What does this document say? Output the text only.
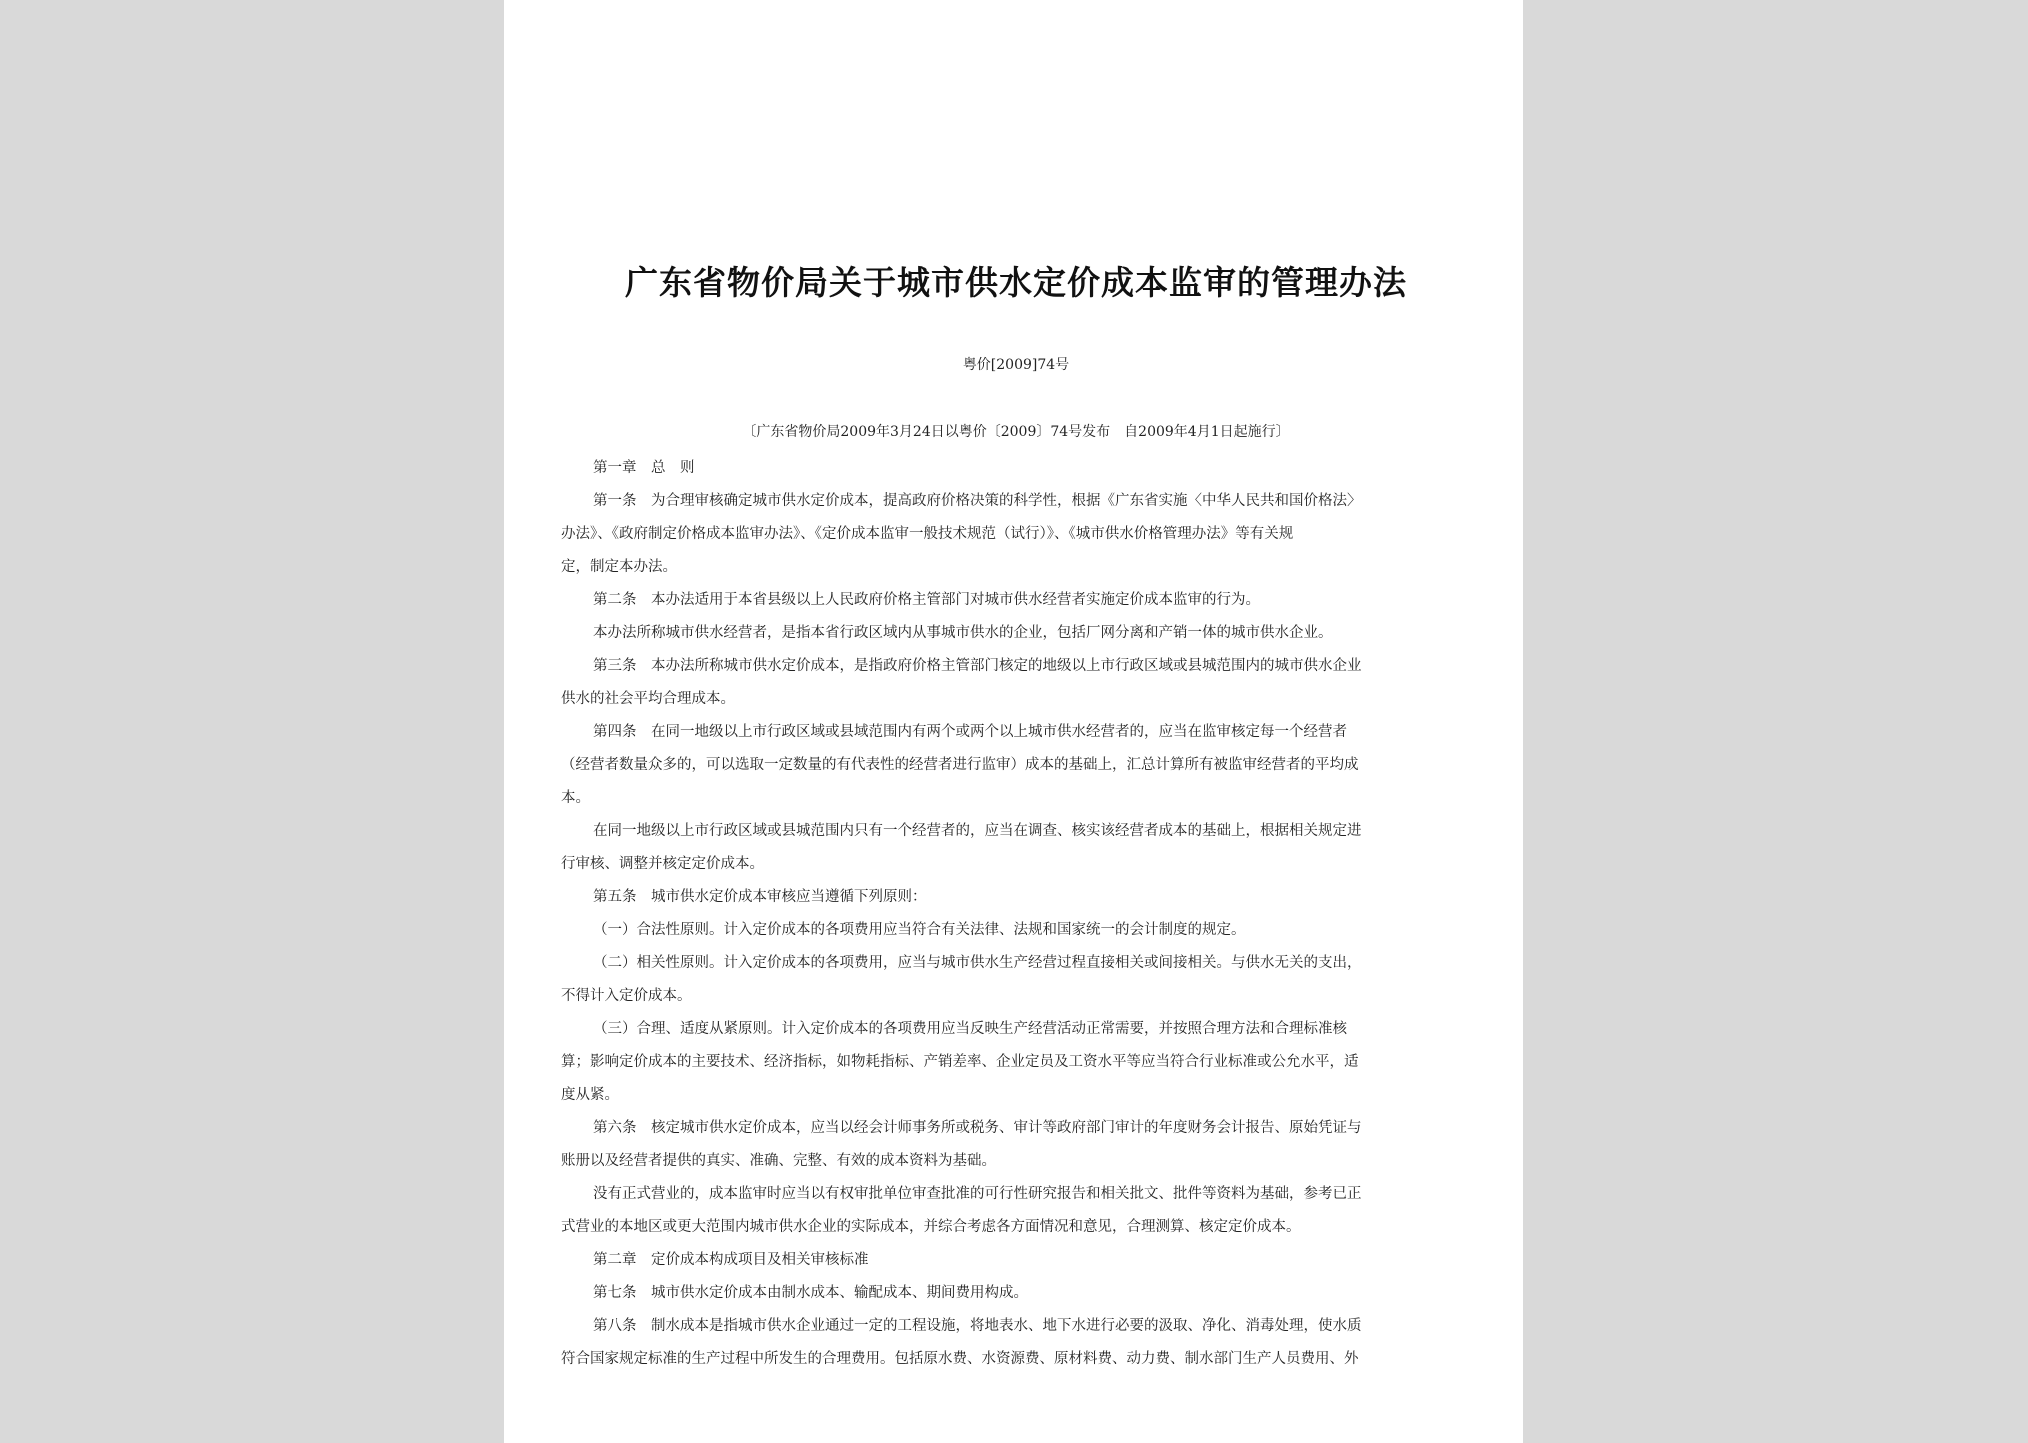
广东省物价局关于城市供水定价成本监审的管理办法
粤价[2009]74号
〔广东省物价局2009年3月24日以粤价〔2009〕74号发布　自2009年4月1日起施行〕
第一章　总　则
第一条　为合理审核确定城市供水定价成本，提高政府价格决策的科学性，根据《广东省实施〈中华人民共和国价格法〉
办法》、《政府制定价格成本监审办法》、《定价成本监审一般技术规范（试行）》、《城市供水价格管理办法》等有关规
定，制定本办法。
第二条　本办法适用于本省县级以上人民政府价格主管部门对城市供水经营者实施定价成本监审的行为。
本办法所称城市供水经营者，是指本省行政区域内从事城市供水的企业，包括厂网分离和产销一体的城市供水企业。
第三条　本办法所称城市供水定价成本，是指政府价格主管部门核定的地级以上市行政区域或县城范围内的城市供水企业
供水的社会平均合理成本。
第四条　在同一地级以上市行政区域或县域范围内有两个或两个以上城市供水经营者的，应当在监审核定每一个经营者
（经营者数量众多的，可以选取一定数量的有代表性的经营者进行监审）成本的基础上，汇总计算所有被监审经营者的平均成
本。
在同一地级以上市行政区域或县城范围内只有一个经营者的，应当在调查、核实该经营者成本的基础上，根据相关规定进
行审核、调整并核定定价成本。
第五条　城市供水定价成本审核应当遵循下列原则：
（一）合法性原则。计入定价成本的各项费用应当符合有关法律、法规和国家统一的会计制度的规定。
（二）相关性原则。计入定价成本的各项费用，应当与城市供水生产经营过程直接相关或间接相关。与供水无关的支出，
不得计入定价成本。
（三）合理、适度从紧原则。计入定价成本的各项费用应当反映生产经营活动正常需要，并按照合理方法和合理标准核
算；影响定价成本的主要技术、经济指标，如物耗指标、产销差率、企业定员及工资水平等应当符合行业标准或公允水平，适
度从紧。
第六条　核定城市供水定价成本，应当以经会计师事务所或税务、审计等政府部门审计的年度财务会计报告、原始凭证与
账册以及经营者提供的真实、准确、完整、有效的成本资料为基础。
没有正式营业的，成本监审时应当以有权审批单位审查批准的可行性研究报告和相关批文、批件等资料为基础，参考已正
式营业的本地区或更大范围内城市供水企业的实际成本，并综合考虑各方面情况和意见，合理测算、核定定价成本。
第二章　定价成本构成项目及相关审核标准
第七条　城市供水定价成本由制水成本、输配成本、期间费用构成。
第八条　制水成本是指城市供水企业通过一定的工程设施，将地表水、地下水进行必要的汲取、净化、消毒处理，使水质
符合国家规定标准的生产过程中所发生的合理费用。包括原水费、水资源费、原材料费、动力费、制水部门生产人员费用、外
